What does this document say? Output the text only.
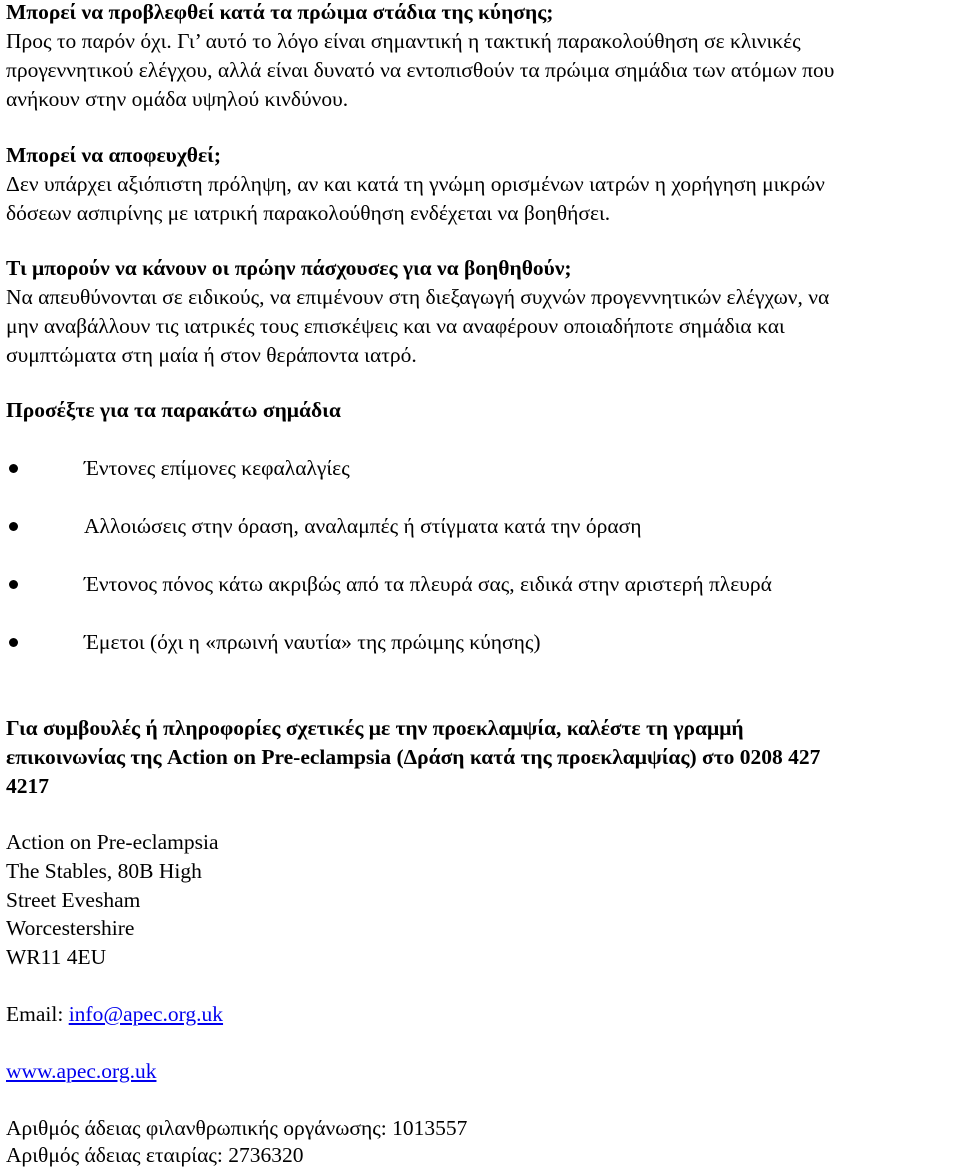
Μπορεί να προβλεφθεί κατά τα πρώιμα στάδια της κύησης;
Προς το παρόν όχι. Γι’ αυτό το λόγο είναι σημαντική η τακτική παρακολούθηση σε κλινικές
προγεννητικού ελέγχου, αλλά είναι δυνατό να εντοπισθούν τα πρώιμα σημάδια των ατόμων που
ανήκουν στην ομάδα υψηλού κινδύνου.
Μπορεί να αποφευχθεί;
Δεν υπάρχει αξιόπιστη πρόληψη, αν και κατά τη γνώμη ορισμένων ιατρών η χορήγηση μικρών
δόσεων ασπιρίνης με ιατρική παρακολούθηση ενδέχεται να βοηθήσει.
Τι μπορούν να κάνουν οι πρώην πάσχουσες για να βοηθηθούν;
Να απευθύνονται σε ειδικούς, να επιμένουν στη διεξαγωγή συχνών προγεννητικών ελέγχων, να
μην αναβάλλουν τις ιατρικές τους επισκέψεις και να αναφέρουν οποιαδήποτε σημάδια και
συμπτώματα στη μαία ή στον θεράποντα ιατρό.
Προσέξτε για τα παρακάτω σημάδια
Έντονες επίμονες κεφαλαλγίες
Αλλοιώσεις στην όραση, αναλαμπές ή στίγματα κατά την όραση
Έντονος πόνος κάτω ακριβώς από τα πλευρά σας, ειδικά στην αριστερή πλευρά
Έμετοι (όχι η «πρωινή ναυτία» της πρώιμης κύησης)
Για συμβουλές ή πληροφορίες σχετικές με την προεκλαμψία, καλέστε τη γραμμή
επικοινωνίας της Action on Pre-eclampsia (Δράση κατά της προεκλαμψίας) στο 0208 427
4217
Action on Pre-eclampsia
The Stables, 80B High
Street Evesham
Worcestershire
WR11 4EU
Email: info@apec.org.uk
www.apec.org.uk
Αριθμός άδειας φιλανθρωπικής οργάνωσης: 1013557
Αριθμός άδειας εταιρίας: 2736320
